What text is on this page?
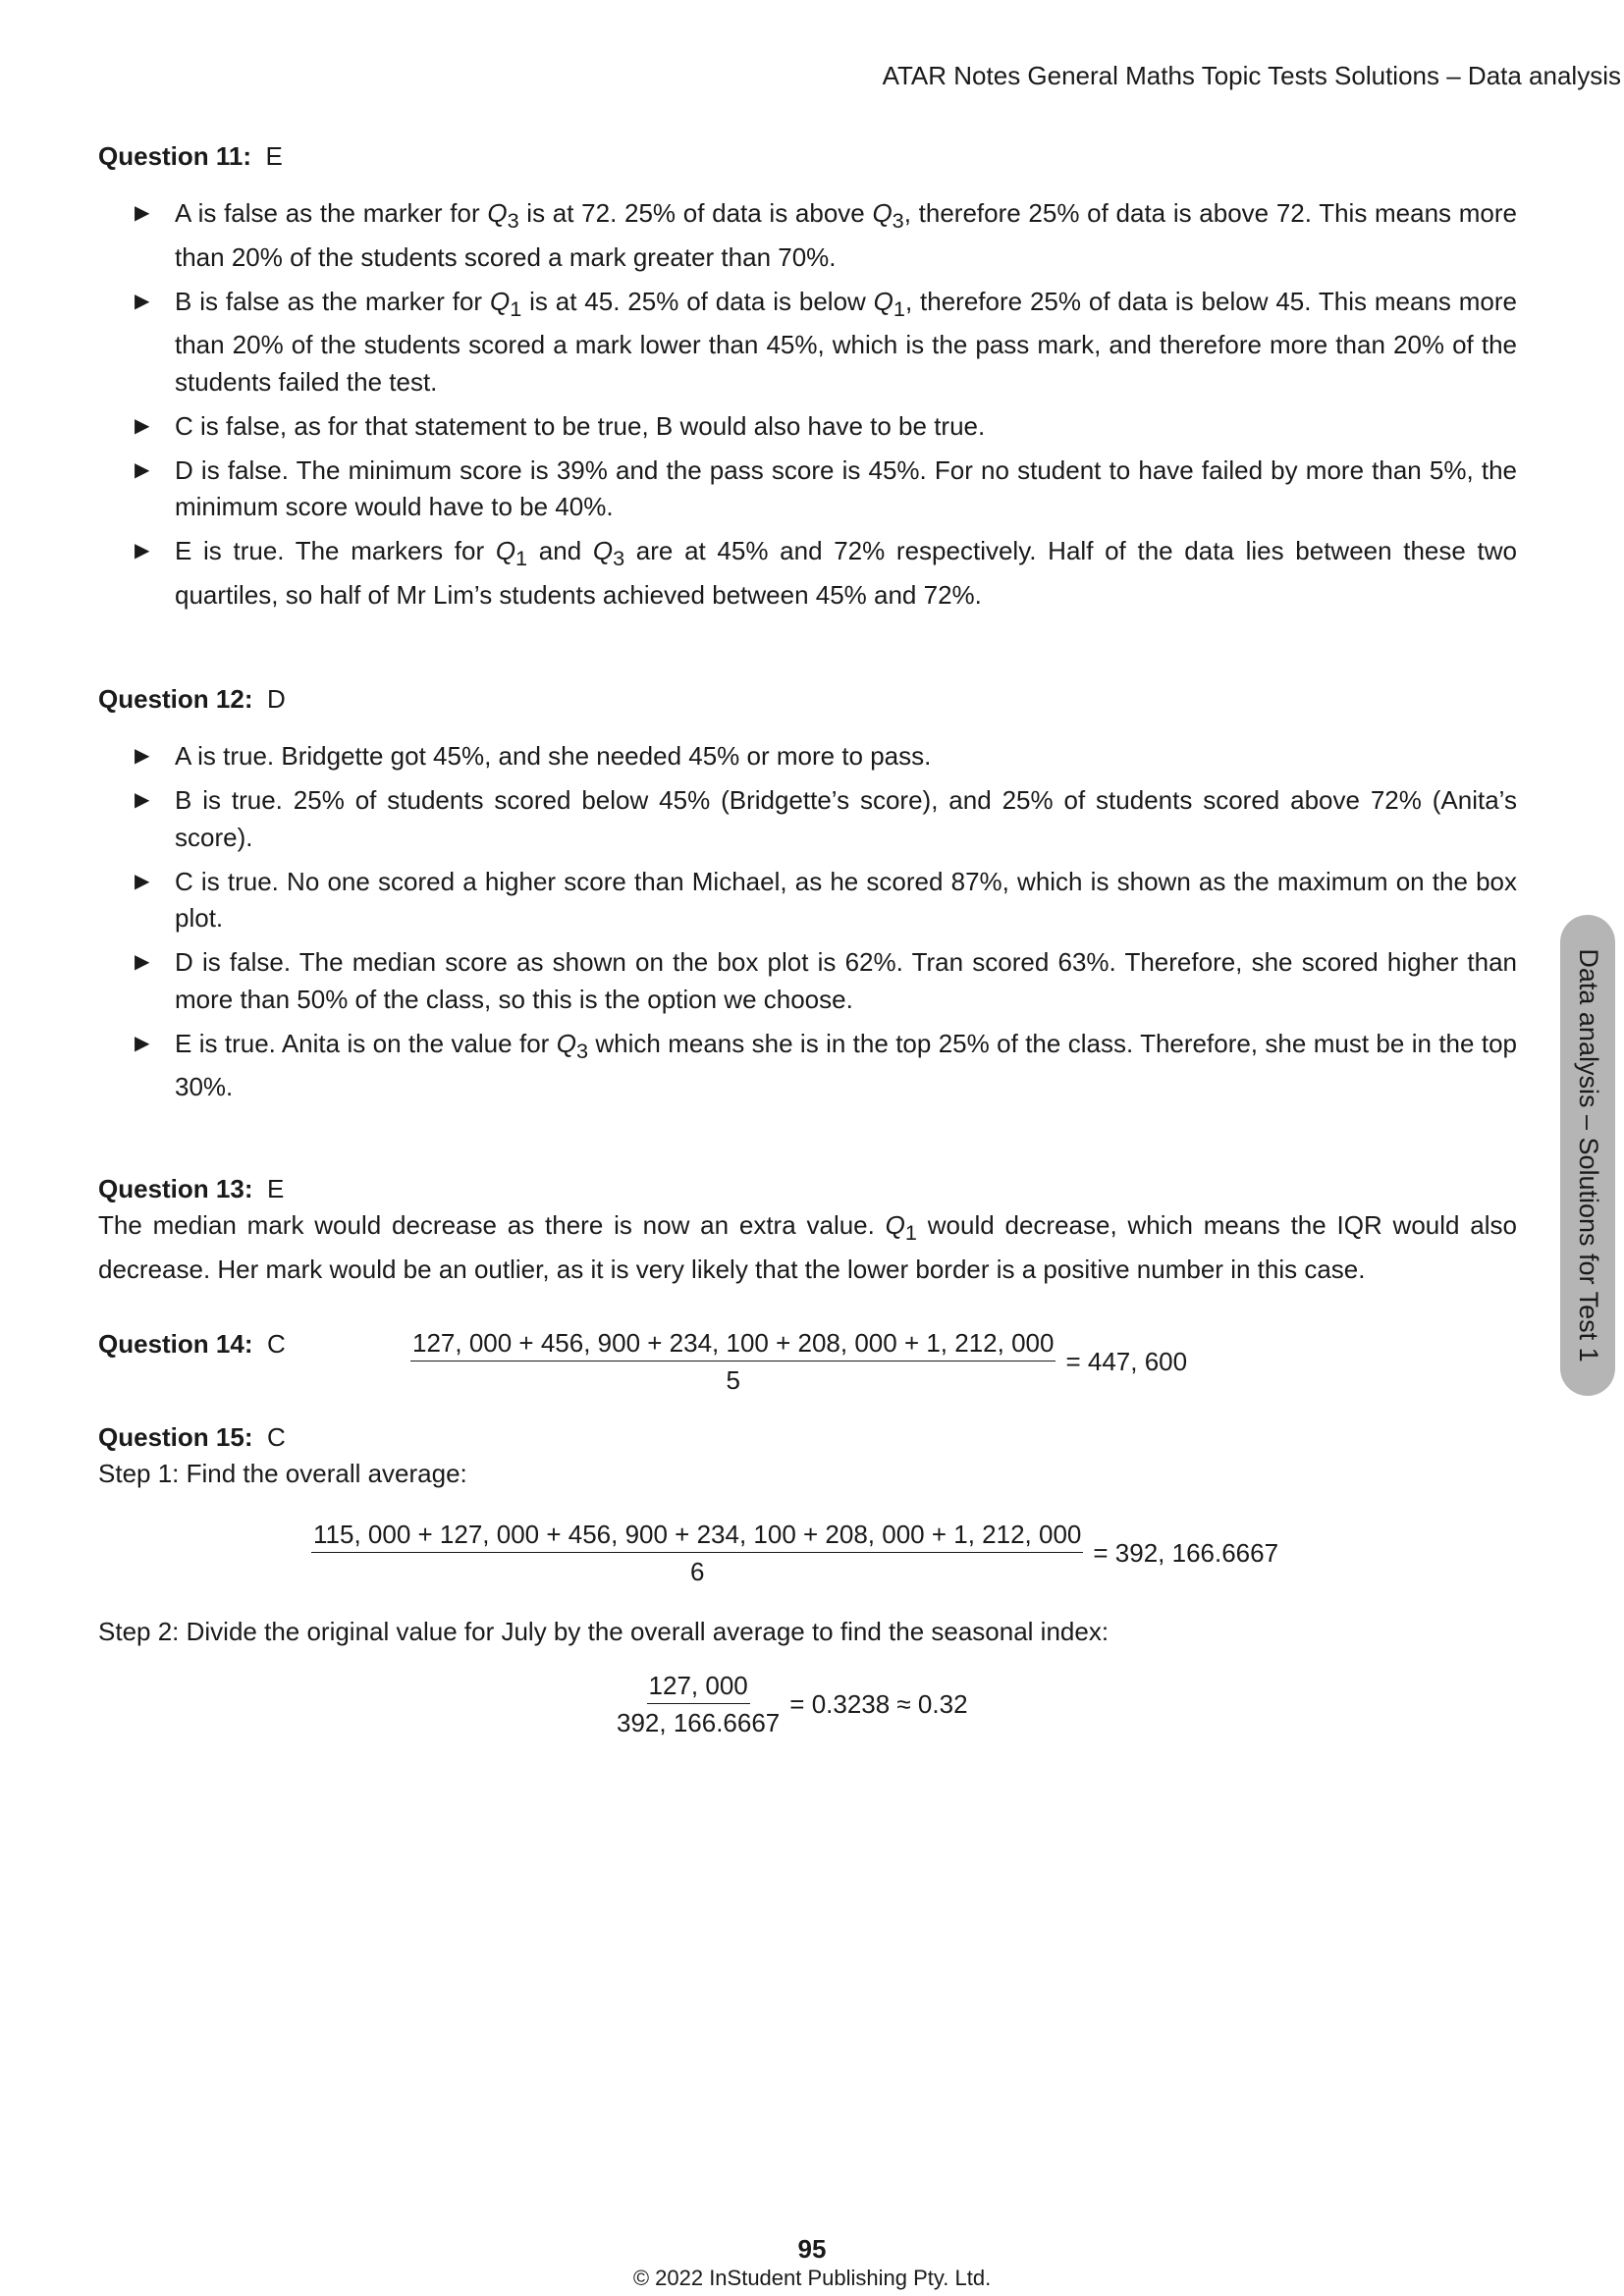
ATAR Notes General Maths Topic Tests Solutions – Data analysis
Question 11: E
▶ A is false as the marker for $Q_3$ is at 72. 25% of data is above $Q_3$, therefore 25% of data is above 72. This means more than 20% of the students scored a mark greater than 70%.
▶ B is false as the marker for $Q_1$ is at 45. 25% of data is below $Q_1$, therefore 25% of data is below 45. This means more than 20% of the students scored a mark lower than 45%, which is the pass mark, and therefore more than 20% of the students failed the test.
▶ C is false, as for that statement to be true, B would also have to be true.
▶ D is false. The minimum score is 39% and the pass score is 45%. For no student to have failed by more than 5%, the minimum score would have to be 40%.
▶ E is true. The markers for $Q_1$ and $Q_3$ are at 45% and 72% respectively. Half of the data lies between these two quartiles, so half of Mr Lim’s students achieved between 45% and 72%.
Question 12: D
▶ A is true. Bridgette got 45%, and she needed 45% or more to pass.
▶ B is true. 25% of students scored below 45% (Bridgette’s score), and 25% of students scored above 72% (Anita’s score).
▶ C is true. No one scored a higher score than Michael, as he scored 87%, which is shown as the maximum on the box plot.
▶ D is false. The median score as shown on the box plot is 62%. Tran scored 63%. Therefore, she scored higher than more than 50% of the class, so this is the option we choose.
▶ E is true. Anita is on the value for $Q_3$ which means she is in the top 25% of the class. Therefore, she must be in the top 30%.
Question 13: E
The median mark would decrease as there is now an extra value. $Q_1$ would decrease, which means the IQR would also decrease. Her mark would be an outlier, as it is very likely that the lower border is a positive number in this case.
Question 14: C	$\frac{127, 000 + 456, 900 + 234, 100 + 208, 000 + 1, 212, 000}{5} = 447$, 600
Question 15: C
Step 1: Find the overall average:
115, 000 + 127, 000 + 456, 900 + 234, 100 + 208, 000 + 1, 212, 000
6
= 392, 166.6667
Step 2: Divide the original value for July by the overall average to find the seasonal index:
$\frac{127, 000}{392, 166.6667} = 0.3238 \approx 0.32$
Data analysis – Solutions for Test 1
95
© 2022 InStudent Publishing Pty. Ltd.
